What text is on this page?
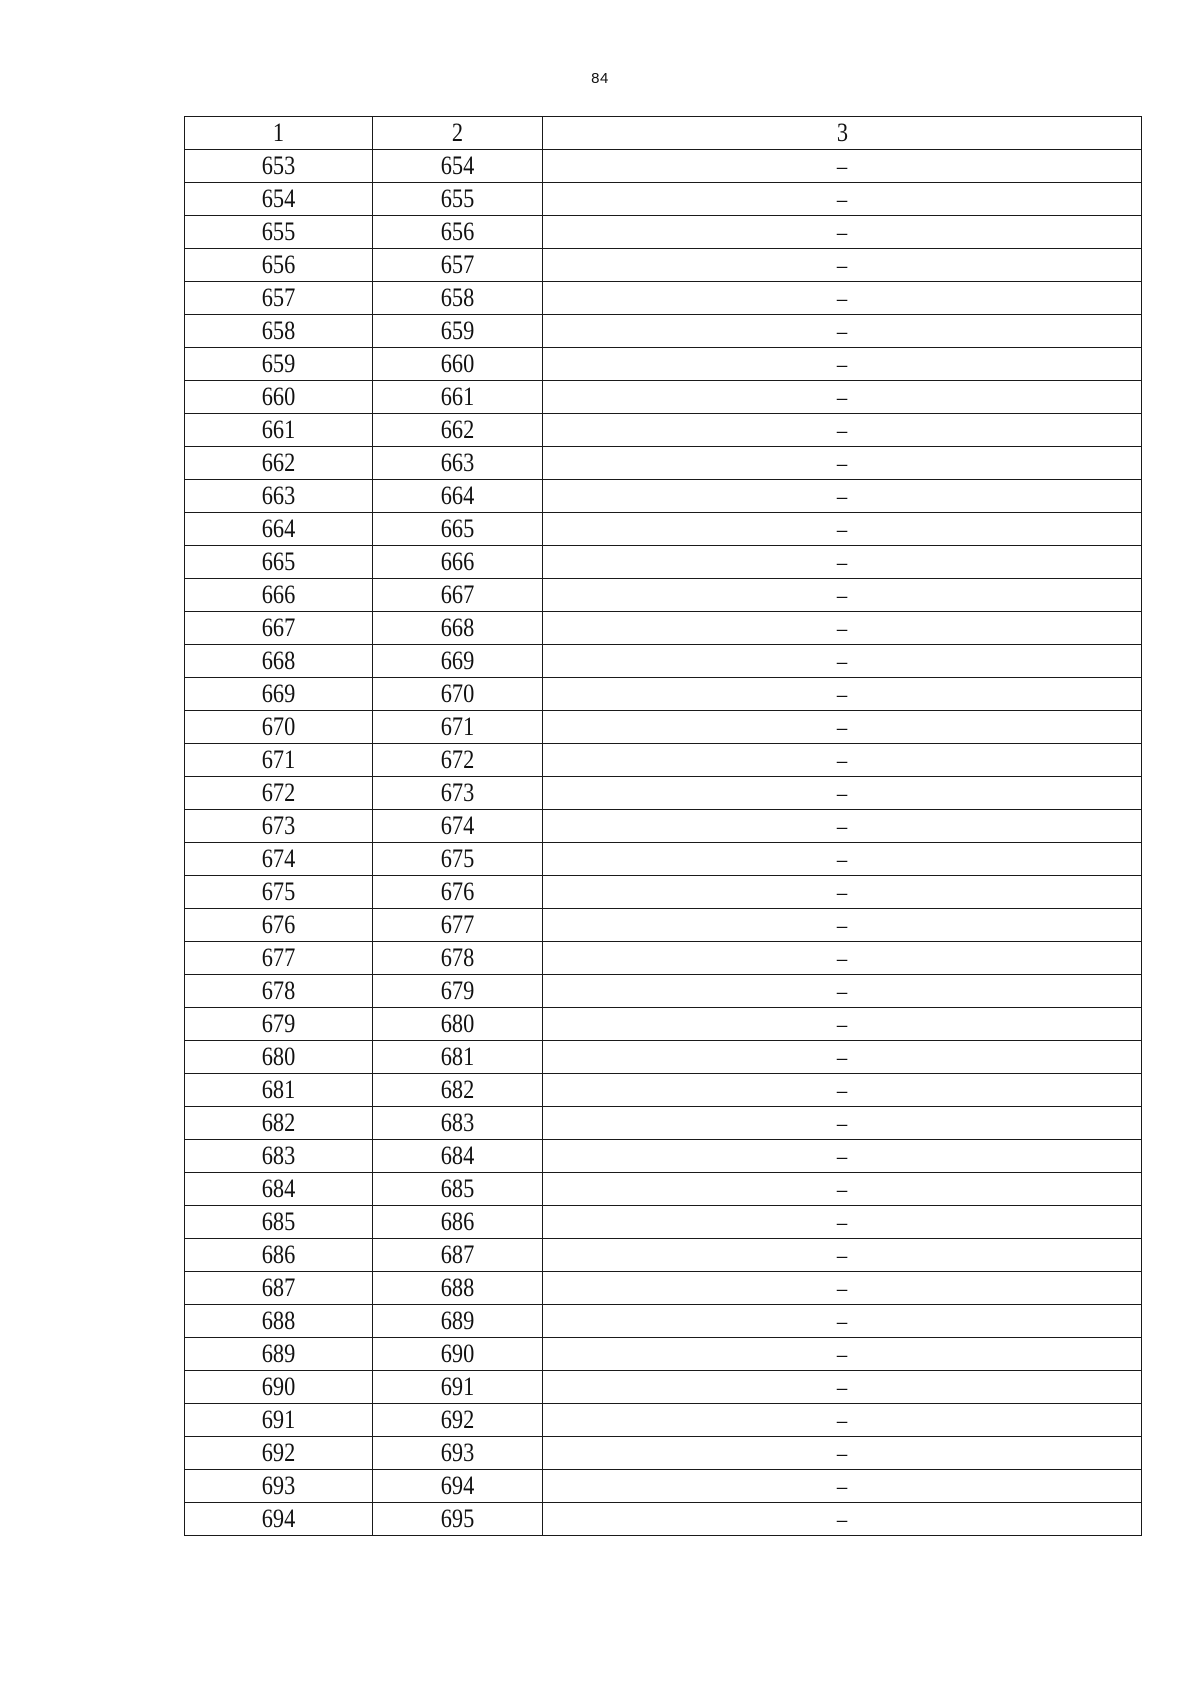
84
1	2	3
653	654	–
654	655	–
655	656	–
656	657	–
657	658	–
658	659	–
659	660	–
660	661	–
661	662	–
662	663	–
663	664	–
664	665	–
665	666	–
666	667	–
667	668	–
668	669	–
669	670	–
670	671	–
671	672	–
672	673	–
673	674	–
674	675	–
675	676	–
676	677	–
677	678	–
678	679	–
679	680	–
680	681	–
681	682	–
682	683	–
683	684	–
684	685	–
685	686	–
686	687	–
687	688	–
688	689	–
689	690	–
690	691	–
691	692	–
692	693	–
693	694	–
694	695	–
